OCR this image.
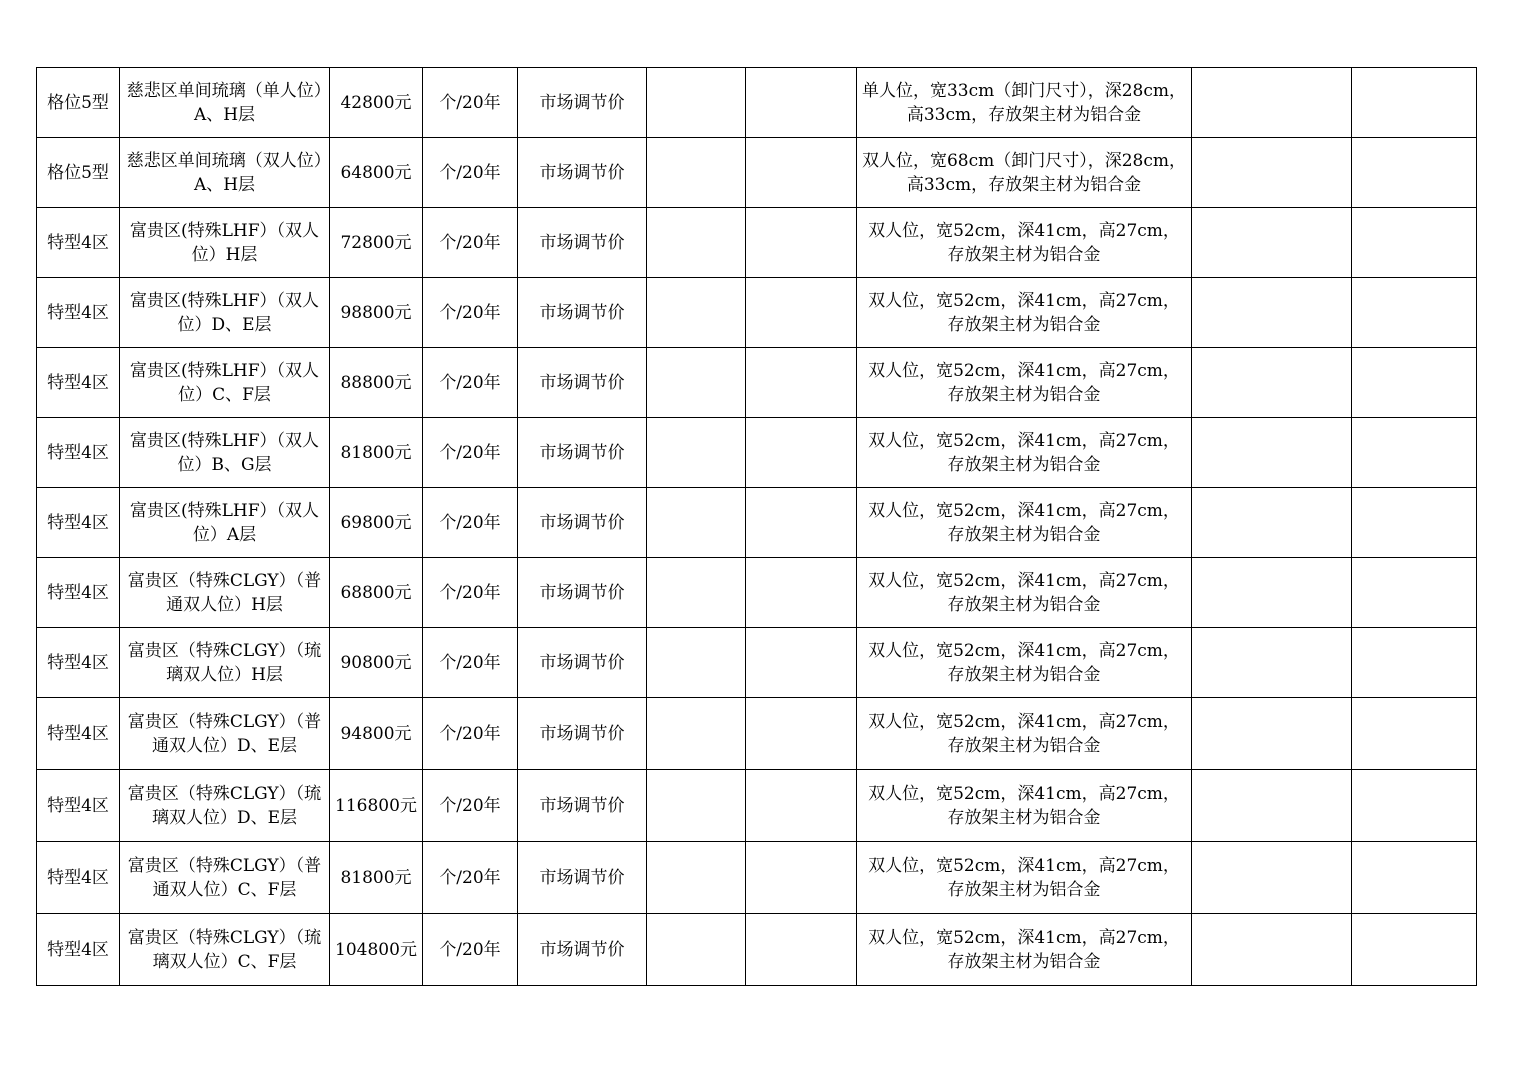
格位5型	慈悲区单间琉璃（单人位）A、H层	42800元	个/20年	市场调节价			单人位，宽33cm（卸门尺寸），深28cm，高33cm，存放架主材为铝合金		
格位5型	慈悲区单间琉璃（双人位）A、H层	64800元	个/20年	市场调节价			双人位，宽68cm（卸门尺寸），深28cm，高33cm，存放架主材为铝合金		
特型4区	富贵区(特殊LHF）（双人位）H层	72800元	个/20年	市场调节价			双人位，宽52cm，深41cm，高27cm，存放架主材为铝合金		
特型4区	富贵区(特殊LHF）（双人位）D、E层	98800元	个/20年	市场调节价			双人位，宽52cm，深41cm，高27cm，存放架主材为铝合金		
特型4区	富贵区(特殊LHF）（双人位）C、F层	88800元	个/20年	市场调节价			双人位，宽52cm，深41cm，高27cm，存放架主材为铝合金		
特型4区	富贵区(特殊LHF）（双人位）B、G层	81800元	个/20年	市场调节价			双人位，宽52cm，深41cm，高27cm，存放架主材为铝合金		
特型4区	富贵区(特殊LHF）（双人位）A层	69800元	个/20年	市场调节价			双人位，宽52cm，深41cm，高27cm，存放架主材为铝合金		
特型4区	富贵区（特殊CLGY）（普通双人位）H层	68800元	个/20年	市场调节价			双人位，宽52cm，深41cm，高27cm，存放架主材为铝合金		
特型4区	富贵区（特殊CLGY）（琉璃双人位）H层	90800元	个/20年	市场调节价			双人位，宽52cm，深41cm，高27cm，存放架主材为铝合金		
特型4区	富贵区（特殊CLGY）（普通双人位）D、E层	94800元	个/20年	市场调节价			双人位，宽52cm，深41cm，高27cm，存放架主材为铝合金		
特型4区	富贵区（特殊CLGY）（琉璃双人位）D、E层	116800元	个/20年	市场调节价			双人位，宽52cm，深41cm，高27cm，存放架主材为铝合金		
特型4区	富贵区（特殊CLGY）（普通双人位）C、F层	81800元	个/20年	市场调节价			双人位，宽52cm，深41cm，高27cm，存放架主材为铝合金		
特型4区	富贵区（特殊CLGY）（琉璃双人位）C、F层	104800元	个/20年	市场调节价			双人位，宽52cm，深41cm，高27cm，存放架主材为铝合金		
